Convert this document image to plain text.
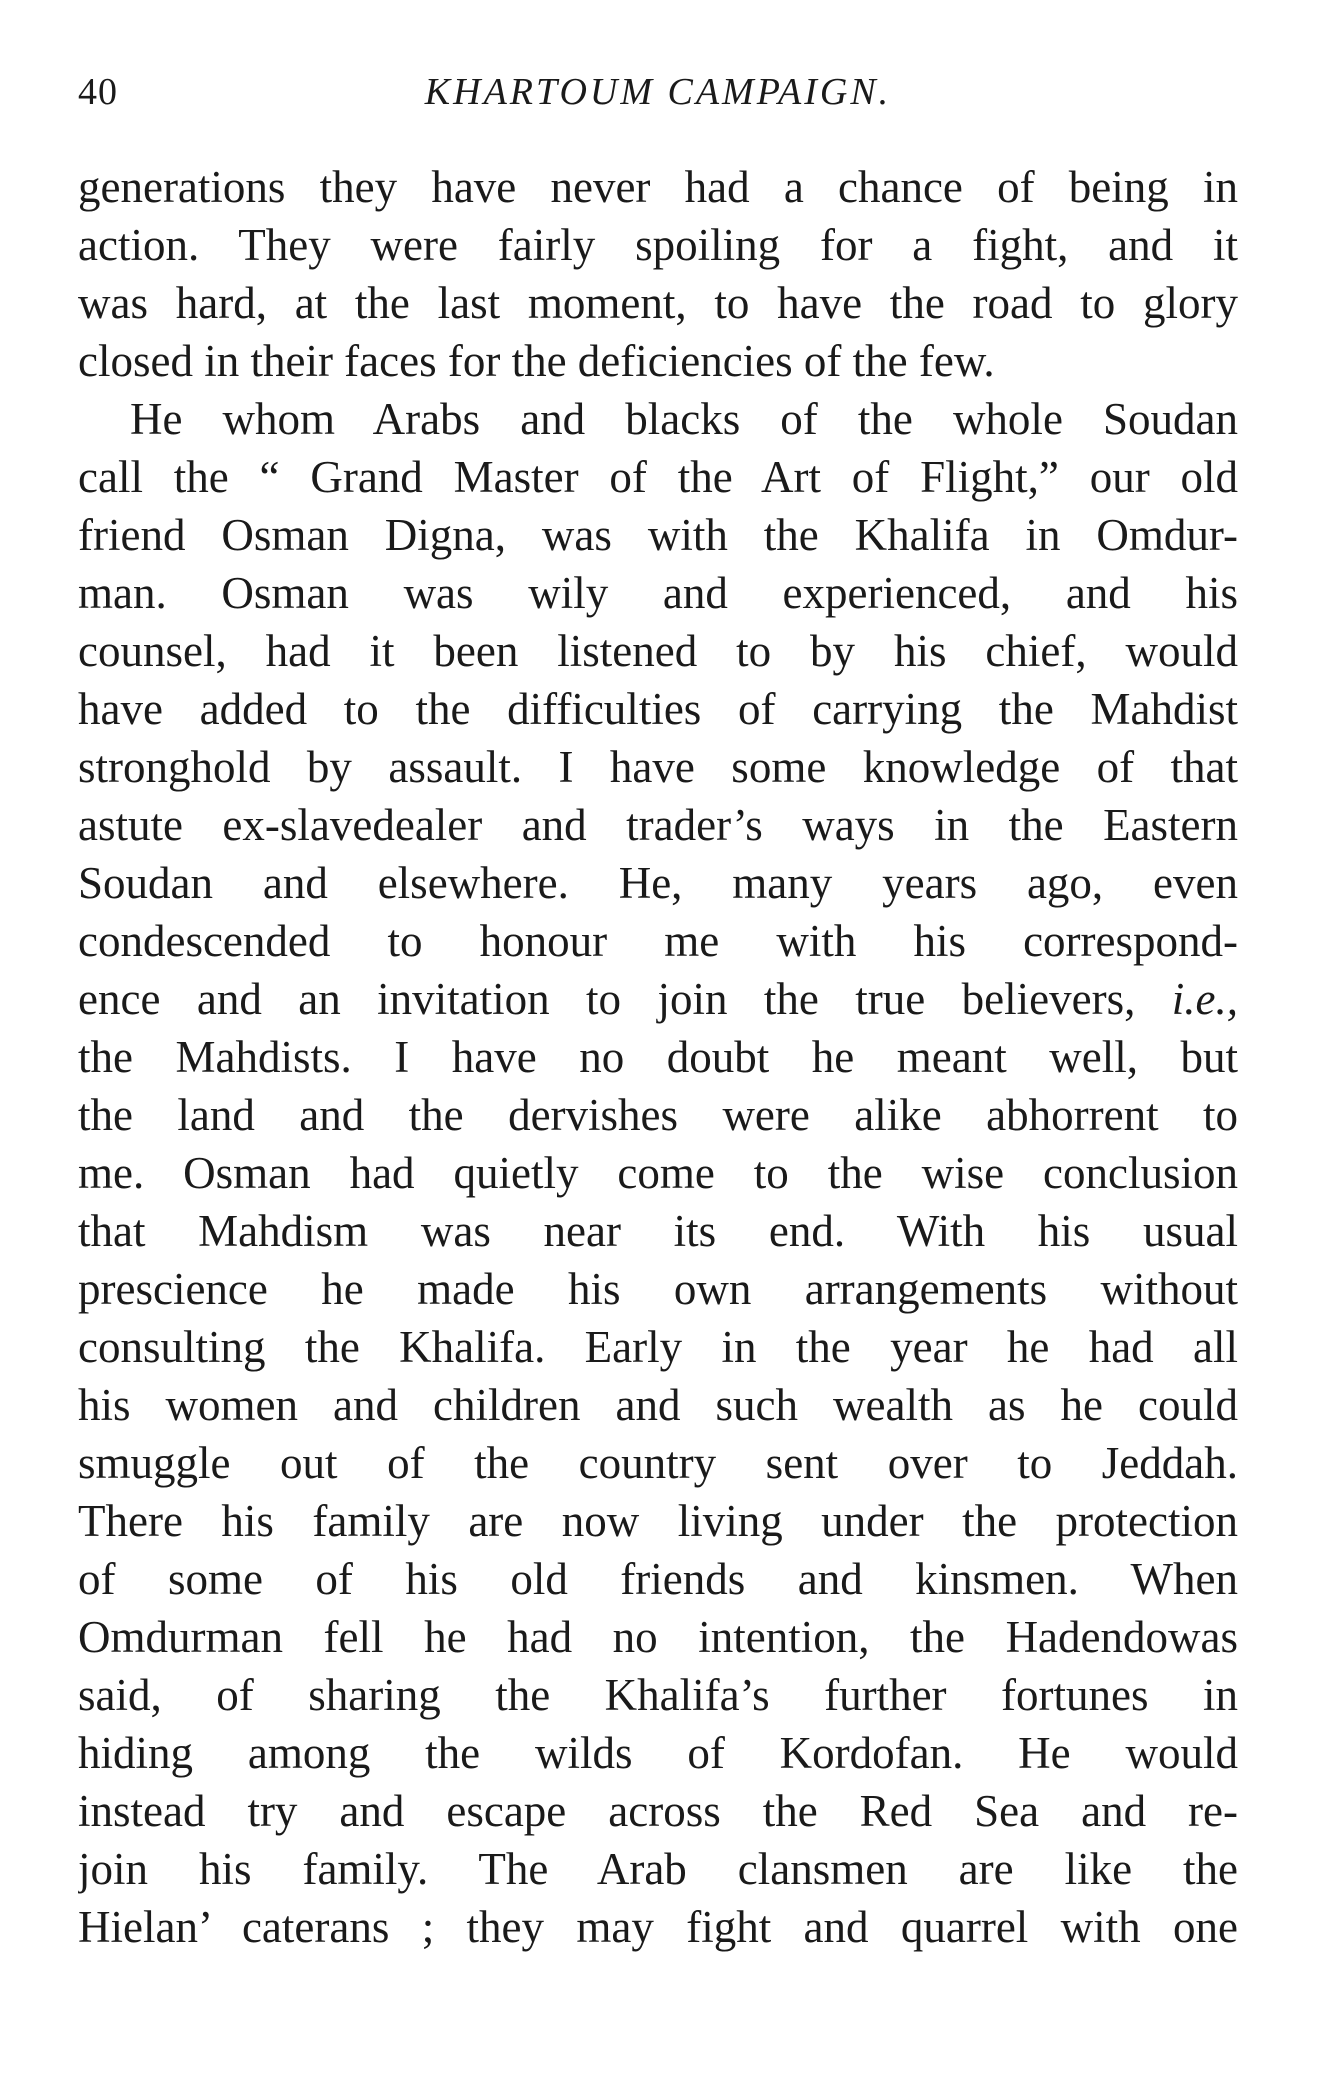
40	KHARTOUM CAMPAIGN.
generations they have never had a chance of being in
action. They were fairly spoiling for a fight, and it
was hard, at the last moment, to have the road to glory
closed in their faces for the deficiencies of the few.
He whom Arabs and blacks of the whole Soudan
call the “ Grand Master of the Art of Flight,” our old
friend Osman Digna, was with the Khalifa in Omdur-
man. Osman was wily and experienced, and his
counsel, had it been listened to by his chief, would
have added to the difficulties of carrying the Mahdist
stronghold by assault. I have some knowledge of that
astute ex-slavedealer and trader’s ways in the Eastern
Soudan and elsewhere. He, many years ago, even
condescended to honour me with his correspond-
ence and an invitation to join the true believers, i.e.,
the Mahdists. I have no doubt he meant well, but
the land and the dervishes were alike abhorrent to
me. Osman had quietly come to the wise conclusion
that Mahdism was near its end. With his usual
prescience he made his own arrangements without
consulting the Khalifa. Early in the year he had all
his women and children and such wealth as he could
smuggle out of the country sent over to Jeddah.
There his family are now living under the protection
of some of his old friends and kinsmen. When
Omdurman fell he had no intention, the Hadendowas
said, of sharing the Khalifa’s further fortunes in
hiding among the wilds of Kordofan. He would
instead try and escape across the Red Sea and re-
join his family. The Arab clansmen are like the
Hielan’ caterans ; they may fight and quarrel with one
